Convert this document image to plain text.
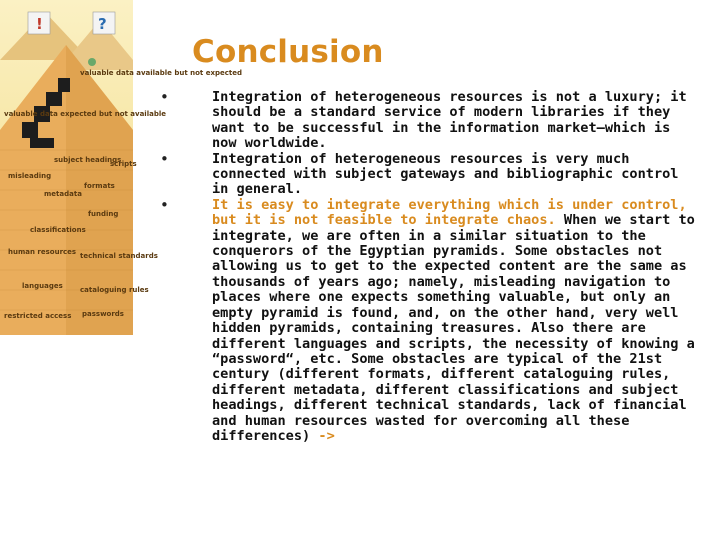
!	?
valuable data available but not expected
valuable data expected but not available
subject headings
scripts
misleading
formats
metadata
funding
classifications
human resources technical standards
languages cataloguing rules
restricted access passwords
Conclusion
•	Integration of heterogeneous resources is not a luxury; it should be a standard service of modern libraries if they want to be successful in the information market—which is now worldwide.
•	Integration of heterogeneous resources is very much connected with subject gateways and bibliographic control in general.
•	It is easy to integrate everything which is under control, but it is not feasible to integrate chaos. When we start to integrate, we are often in a similar situation to the conquerors of the Egyptian pyramids. Some obstacles not allowing us to get to the expected content are the same as thousands of years ago; namely, misleading navigation to places where one expects something valuable, but only an empty pyramid is found, and, on the other hand, very well hidden pyramids, containing treasures. Also there are different languages and scripts, the necessity of knowing a “password“, etc. Some obstacles are typical of the 21st century (different formats, different cataloguing rules, different metadata, different classifications and subject headings, different technical standards, lack of financial and human resources wasted for overcoming all these differences) ->
